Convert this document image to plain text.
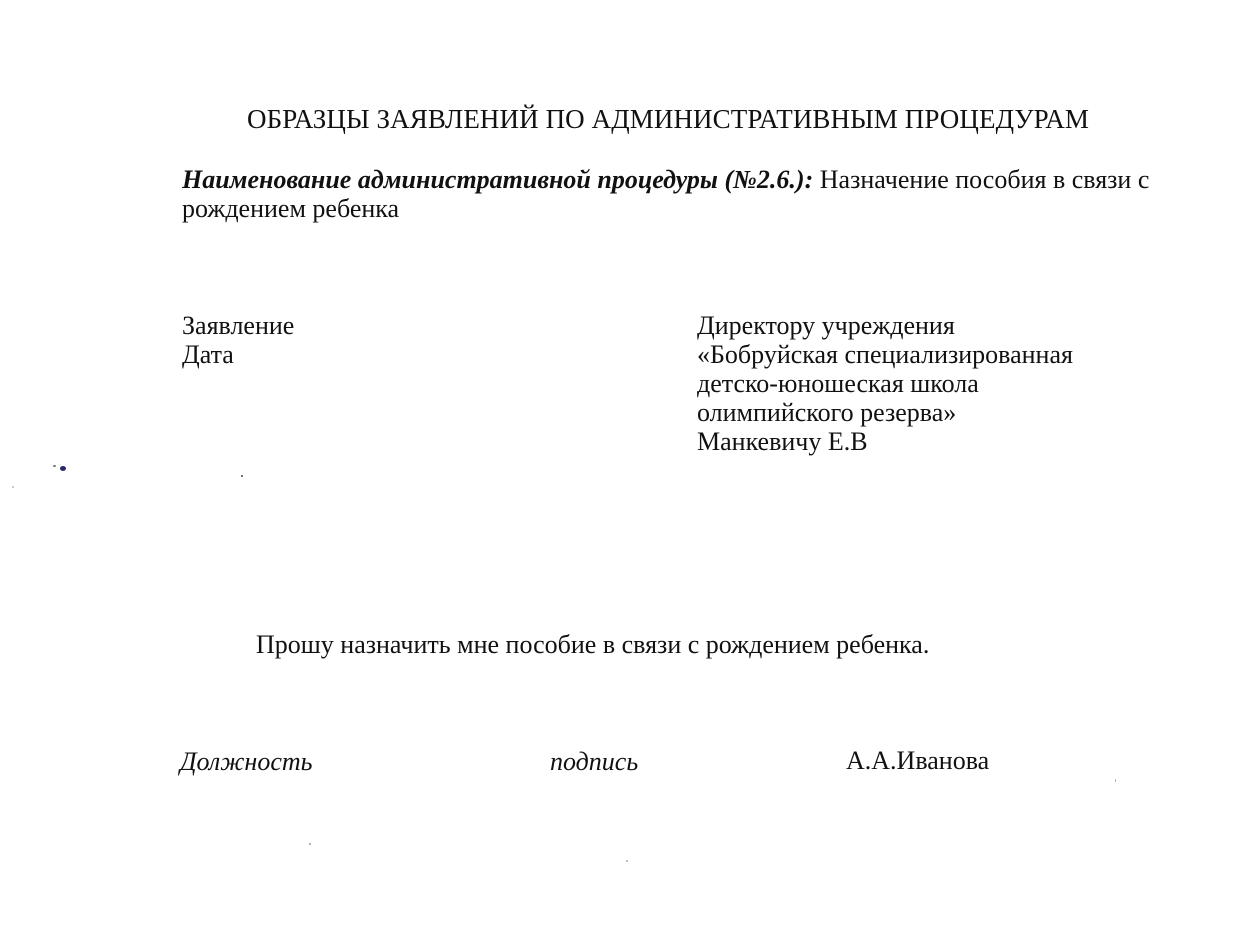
ОБРАЗЦЫ ЗАЯВЛЕНИЙ ПО АДМИНИСТРАТИВНЫМ ПРОЦЕДУРАМ
Наименование административной процедуры (№2.6.): Назначение пособия в связи с рождением ребенка
Заявление
Дата
Директору учреждения
«Бобруйская специализированная
детско-юношеская школа
олимпийского резерва»
Манкевичу Е.В
Прошу назначить мне пособие в связи с рождением ребенка.
Должность	подпись	А.А.Иванова
